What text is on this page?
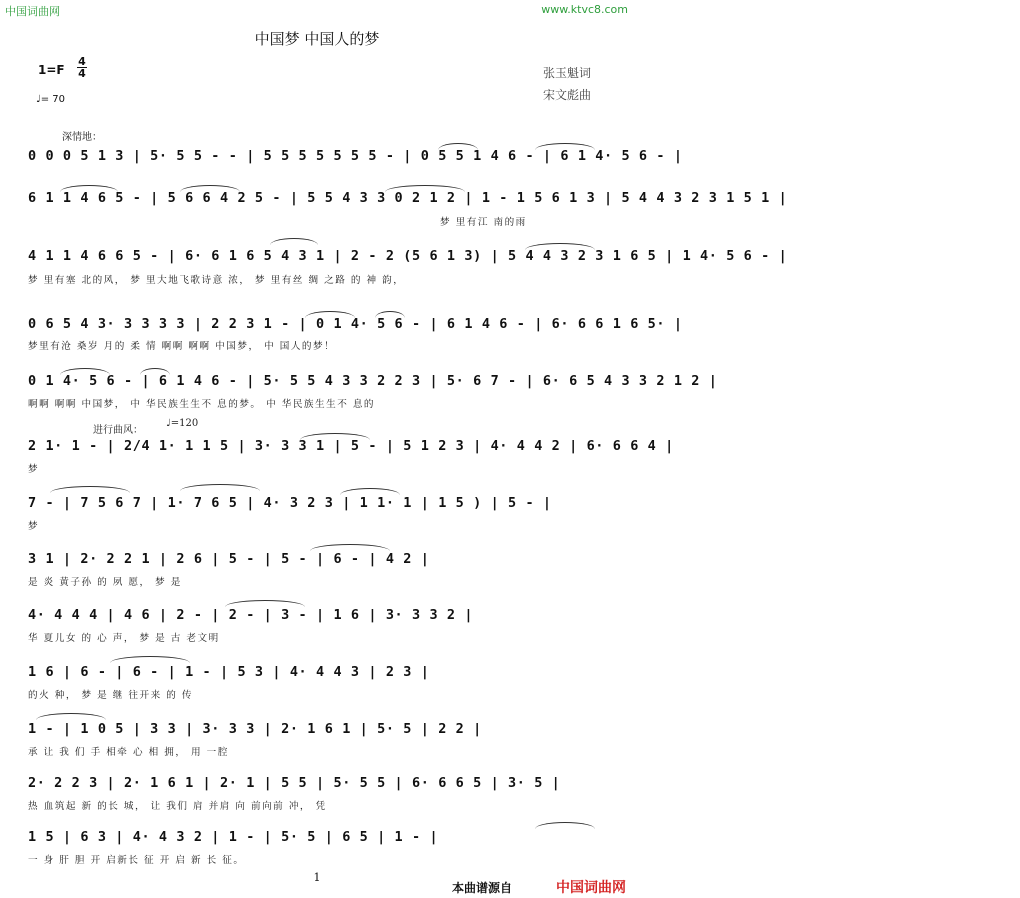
中国词曲网	www.ktvc8.com
中国梦 中国人的梦
1=F
4
4
♩= 70
张玉魁词
宋文彪曲
深情地：
进行曲风：
♩=120
0 0 0 5 1 3 | 5· 5 5 - - | 5 5 5 5 5 5 5 - | 0 5 5 1 4 6 - | 6 1 4· 5 6 - |
6 1 1 4 6 5 - | 5 6 6 4 2 5 - | 5 5 4 3 3 0 2 1 2 | 1 - 1 5 6 1 3 | 5 4 4 3 2 3 1 5 1 |
梦 里有江 南的雨
4 1 1 4 6 6 5 - | 6· 6 1 6 5 4 3 1 | 2 - 2 (5 6 1 3) | 5 4 4 3 2 3 1 6 5 | 1 4· 5 6 - |
梦 里有塞 北的风， 梦 里大地飞歌诗意 浓， 梦 里有丝 绸 之路 的 神 韵，
0 6 5 4 3· 3 3 3 3 | 2 2 3 1 - | 0 1 4· 5 6 - | 6 1 4 6 - | 6· 6 6 1 6 5· |
梦里有沧 桑岁 月的 柔 情 啊啊 啊啊 中国梦， 中 国人的梦！
0 1 4· 5 6 - | 6 1 4 6 - | 5· 5 5 4 3 3 2 2 3 | 5· 6 7 - | 6· 6 5 4 3 3 2 1 2 |
啊啊 啊啊 中国梦， 中 华民族生生不 息的梦。 中 华民族生生不 息的
2 1· 1 - | 2/4 1· 1 1 5 | 3· 3 3 1 | 5 - | 5 1 2 3 | 4· 4 4 2 | 6· 6 6 4 |
梦
7 - | 7 5 6 7 | 1· 7 6 5 | 4· 3 2 3 | 1 1· 1 | 1 5 ) | 5 - |
梦
3 1 | 2· 2 2 1 | 2 6 | 5 - | 5 - | 6 - | 4 2 |
是 炎 黄子孙 的 夙 愿， 梦 是
4· 4 4 4 | 4 6 | 2 - | 2 - | 3 - | 1 6 | 3· 3 3 2 |
华 夏儿女 的 心 声， 梦 是 古 老文明
1 6 | 6 - | 6 - | 1 - | 5 3 | 4· 4 4 3 | 2 3 |
的火 种， 梦 是 继 往开来 的 传
1 - | 1 0 5 | 3 3 | 3· 3 3 | 2· 1 6 1 | 5· 5 | 2 2 |
承 让 我 们 手 相牵 心 相 拥， 用 一腔
2· 2 2 3 | 2· 1 6 1 | 2· 1 | 5 5 | 5· 5 5 | 6· 6 6 5 | 3· 5 |
热 血筑起 新 的长 城， 让 我们 肩 并肩 向 前向前 冲， 凭
1 5 | 6 3 | 4· 4 3 2 | 1 - | 5· 5 | 6 5 | 1 - |
一 身 肝 胆 开 启新长 征 开 启 新 长 征。
1
本曲谱源自	中国词曲网
